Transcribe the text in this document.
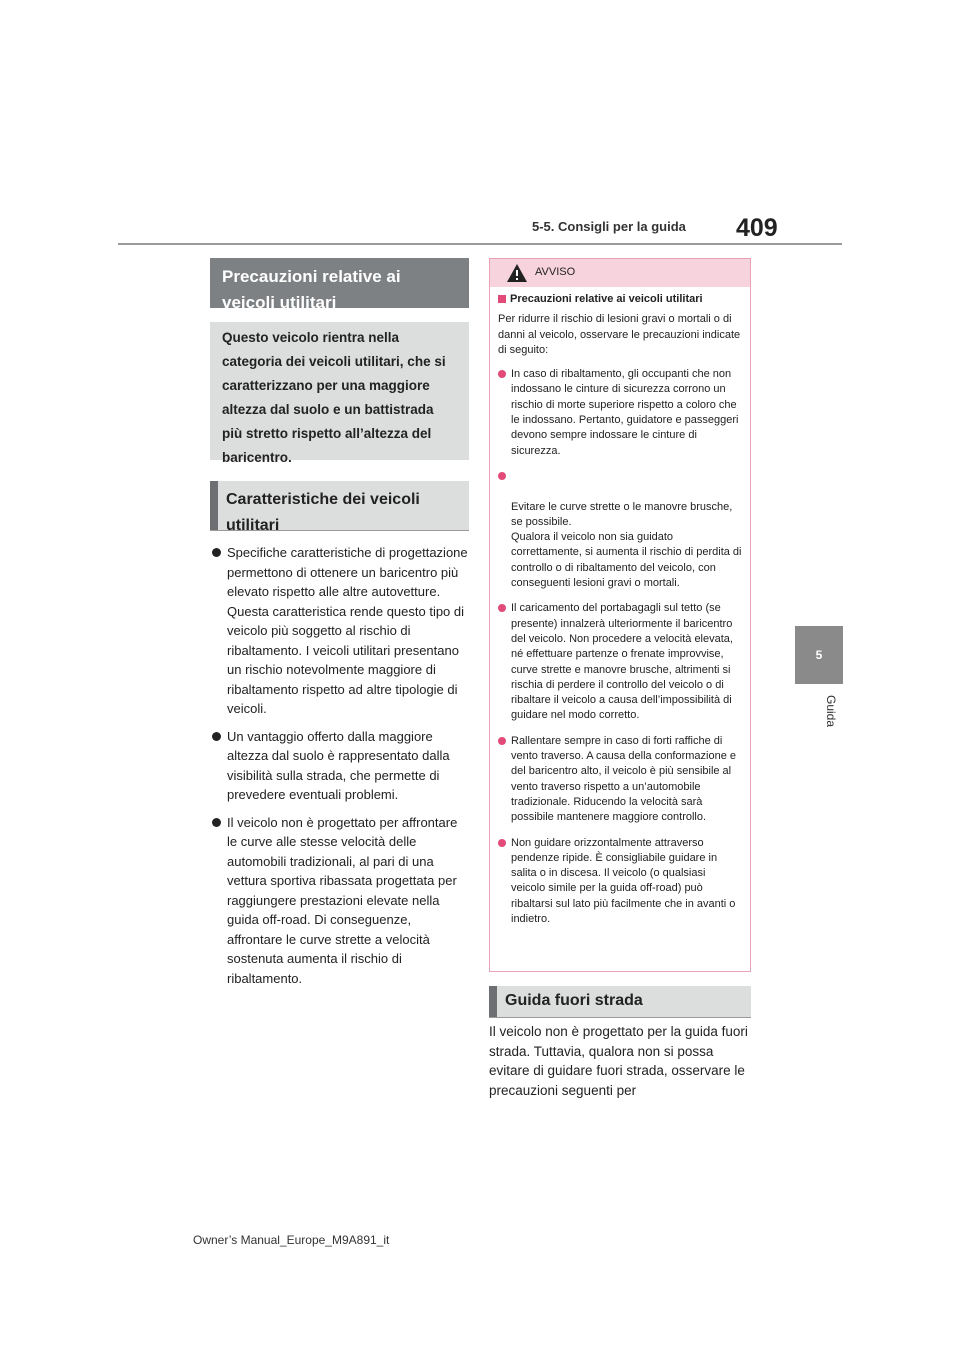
5-5. Consigli per la guida 409
5
Guida
Precauzioni relative ai veicoli utilitari
Questo veicolo rientra nella categoria dei veicoli utilitari, che si caratterizzano per una maggiore altezza dal suolo e un battistrada più stretto rispetto all’altezza del baricentro.
Caratteristiche dei veicoli utilitari
Specifiche caratteristiche di progettazione permettono di ottenere un baricentro più elevato rispetto alle altre autovetture. Questa caratteristica rende questo tipo di veicolo più soggetto al rischio di ribaltamento. I veicoli utilitari presentano un rischio notevolmente maggiore di ribaltamento rispetto ad altre tipologie di veicoli.
Un vantaggio offerto dalla maggiore altezza dal suolo è rappresentato dalla visibilità sulla strada, che permette di prevedere eventuali problemi.
Il veicolo non è progettato per affrontare le curve alle stesse velocità delle automobili tradizionali, al pari di una vettura sportiva ribassata progettata per raggiungere prestazioni elevate nella guida off-road. Di conseguenze, affrontare le curve strette a velocità sostenuta aumenta il rischio di ribaltamento.
AVVISO
Precauzioni relative ai veicoli utilitari
Per ridurre il rischio di lesioni gravi o mortali o di danni al veicolo, osservare le precauzioni indicate di seguito:
In caso di ribaltamento, gli occupanti che non indossano le cinture di sicurezza corrono un rischio di morte superiore rispetto a coloro che le indossano. Pertanto, guidatore e passeggeri devono sempre indossare le cinture di sicurezza.

Evitare le curve strette o le manovre brusche, se possibile.
Qualora il veicolo non sia guidato correttamente, si aumenta il rischio di perdita di controllo o di ribaltamento del veicolo, con conseguenti lesioni gravi o mortali.

Il caricamento del portabagagli sul tetto (se presente) innalzerà ulteriormente il baricentro del veicolo. Non procedere a velocità elevata, né effettuare partenze o frenate improvvise, curve strette e manovre brusche, altrimenti si rischia di perdere il controllo del veicolo o di ribaltare il veicolo a causa dell’impossibilità di guidare nel modo corretto.
Rallentare sempre in caso di forti raffiche di vento traverso. A causa della conformazione e del baricentro alto, il veicolo è più sensibile al vento traverso rispetto a un’automobile tradizionale. Riducendo la velocità sarà possibile mantenere maggiore controllo.
Non guidare orizzontalmente attraverso pendenze ripide. È consigliabile guidare in salita o in discesa. Il veicolo (o qualsiasi veicolo simile per la guida off-road) può ribaltarsi sul lato più facilmente che in avanti o indietro.
Guida fuori strada
Il veicolo non è progettato per la guida fuori strada. Tuttavia, qualora non si possa evitare di guidare fuori strada, osservare le precauzioni seguenti per
Owner’s Manual_Europe_M9A891_it
